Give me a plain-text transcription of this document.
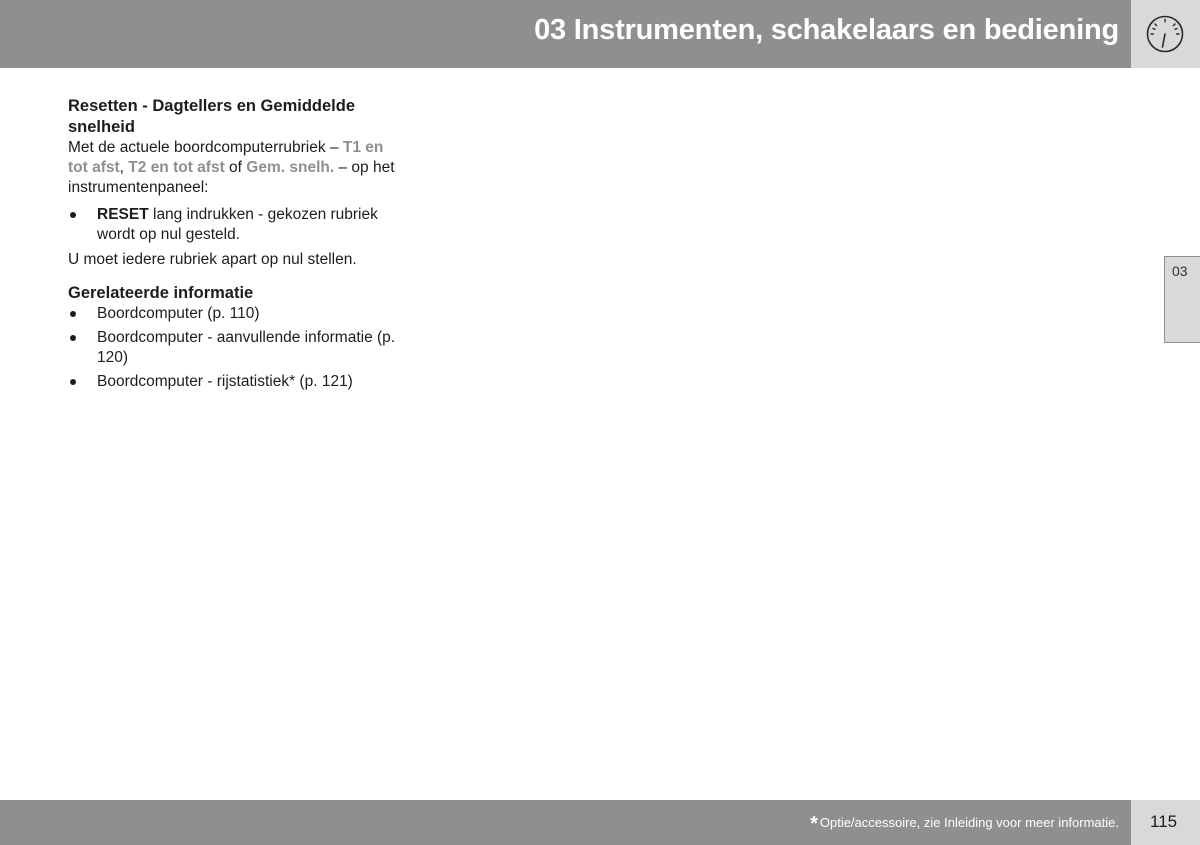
03 Instrumenten, schakelaars en bediening
03

Resetten - Dagtellers en Gemiddelde snelheid

Met de actuele boordcomputerrubriek – T1 en tot afst, T2 en tot afst of Gem. snelh. – op het instrumentenpaneel:

RESET lang indrukken - gekozen rubriek wordt op nul gesteld.

U moet iedere rubriek apart op nul stellen.

Gerelateerde informatie

Boordcomputer (p. 110)
Boordcomputer - aanvullende informatie (p. 120)
Boordcomputer - rijstatistiek* (p. 121)
* Optie/accessoire, zie Inleiding voor meer informatie. 115
